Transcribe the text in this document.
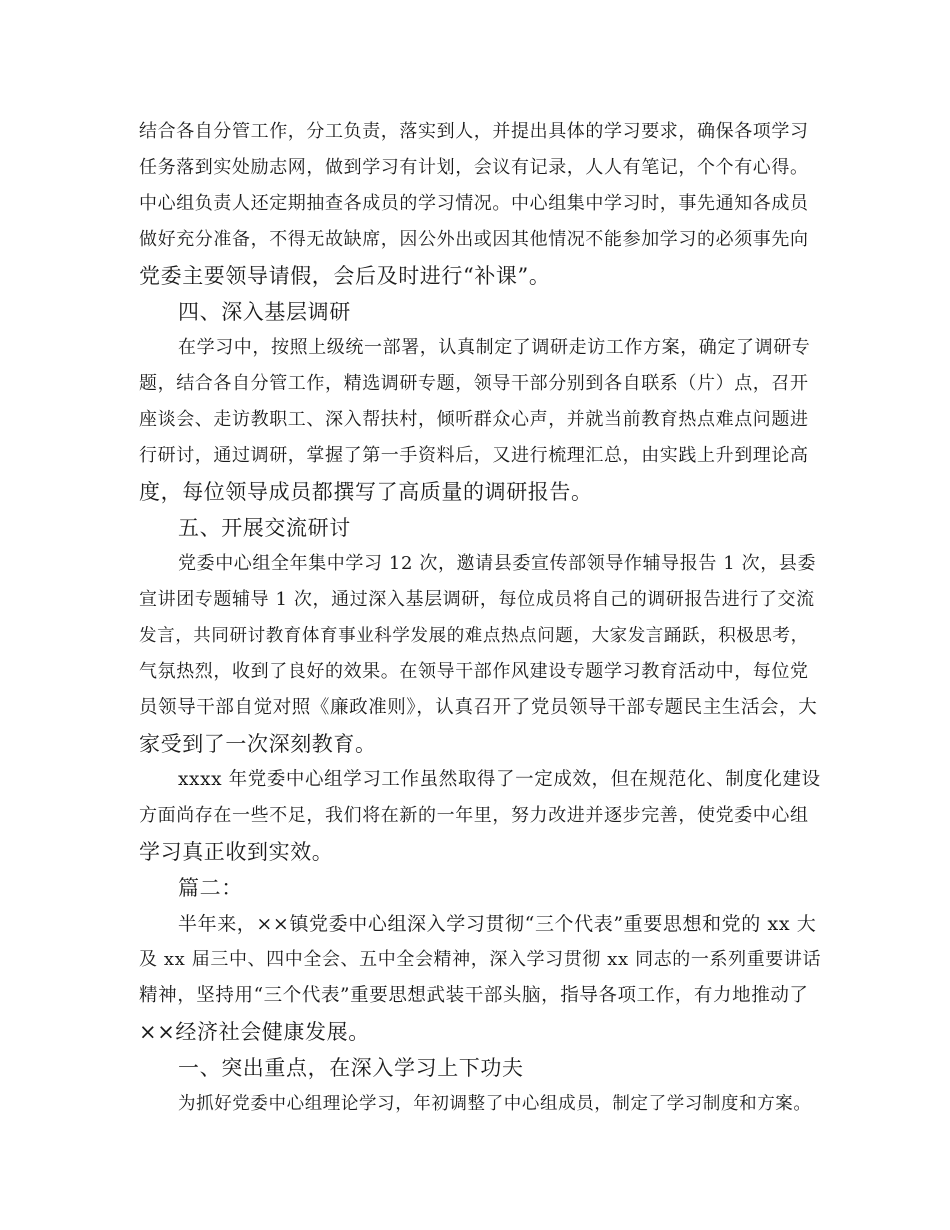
结合各自分管工作，分工负责，落实到人，并提出具体的学习要求，确保各项学习
任务落到实处励志网，做到学习有计划，会议有记录，人人有笔记，个个有心得。
中心组负责人还定期抽查各成员的学习情况。中心组集中学习时，事先通知各成员
做好充分准备，不得无故缺席，因公外出或因其他情况不能参加学习的必须事先向
党委主要领导请假，会后及时进行“补课”。
四、深入基层调研
在学习中，按照上级统一部署，认真制定了调研走访工作方案，确定了调研专
题，结合各自分管工作，精选调研专题，领导干部分别到各自联系（片）点，召开
座谈会、走访教职工、深入帮扶村，倾听群众心声，并就当前教育热点难点问题进
行研讨，通过调研，掌握了第一手资料后，又进行梳理汇总，由实践上升到理论高
度，每位领导成员都撰写了高质量的调研报告。
五、开展交流研讨
党委中心组全年集中学习 12 次，邀请县委宣传部领导作辅导报告 1 次，县委
宣讲团专题辅导 1 次，通过深入基层调研，每位成员将自己的调研报告进行了交流
发言，共同研讨教育体育事业科学发展的难点热点问题，大家发言踊跃，积极思考，
气氛热烈，收到了良好的效果。在领导干部作风建设专题学习教育活动中，每位党
员领导干部自觉对照《廉政准则》，认真召开了党员领导干部专题民主生活会，大
家受到了一次深刻教育。
xxxx 年党委中心组学习工作虽然取得了一定成效，但在规范化、制度化建设
方面尚存在一些不足，我们将在新的一年里，努力改进并逐步完善，使党委中心组
学习真正收到实效。
篇二：
半年来，××镇党委中心组深入学习贯彻“三个代表”重要思想和党的 xx 大
及 xx 届三中、四中全会、五中全会精神，深入学习贯彻 xx 同志的一系列重要讲话
精神，坚持用“三个代表”重要思想武装干部头脑，指导各项工作，有力地推动了
××经济社会健康发展。
一、突出重点，在深入学习上下功夫
为抓好党委中心组理论学习，年初调整了中心组成员，制定了学习制度和方案。
